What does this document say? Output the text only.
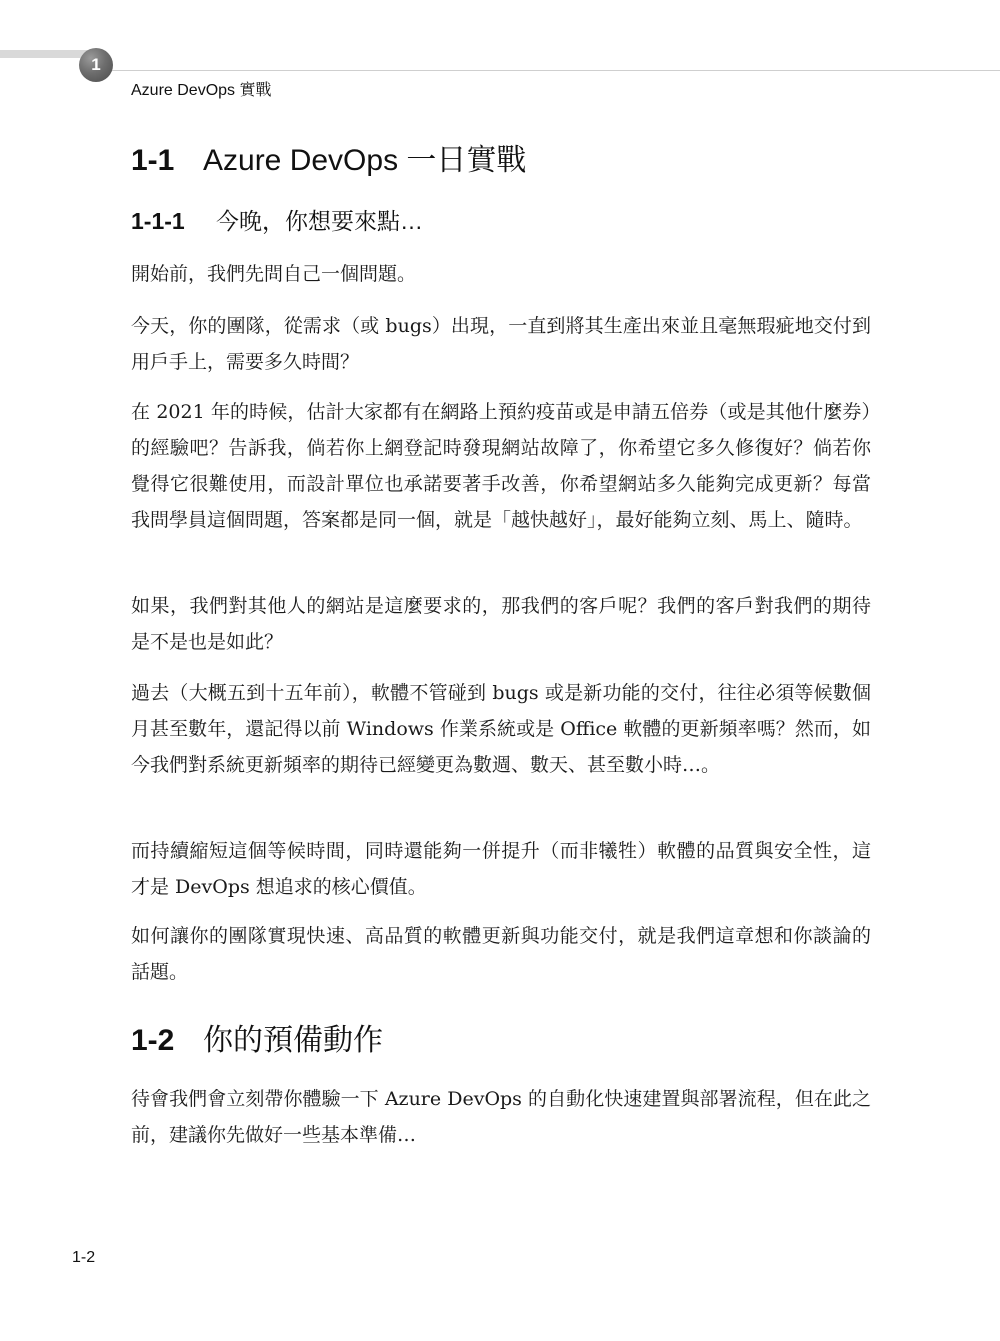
1

Azure DevOps 實戰

1-1 Azure DevOps 一日實戰
1-1-1 今晚，你想要來點…

開始前，我們先問自己一個問題。

今天，你的團隊，從需求（或 bugs）出現，一直到將其生產出來並且毫無瑕疵地交付到用戶手上，需要多久時間？

在 2021 年的時候，估計大家都有在網路上預約疫苗或是申請五倍券（或是其他什麼券）的經驗吧？告訴我，倘若你上網登記時發現網站故障了，你希望它多久修復好？倘若你覺得它很難使用，而設計單位也承諾要著手改善，你希望網站多久能夠完成更新？每當我問學員這個問題，答案都是同一個，就是「越快越好」，最好能夠立刻、馬上、隨時。

如果，我們對其他人的網站是這麼要求的，那我們的客戶呢？我們的客戶對我們的期待是不是也是如此？

過去（大概五到十五年前），軟體不管碰到 bugs 或是新功能的交付，往往必須等候數個月甚至數年，還記得以前 Windows 作業系統或是 Office 軟體的更新頻率嗎？然而，如今我們對系統更新頻率的期待已經變更為數週、數天、甚至數小時…。

而持續縮短這個等候時間，同時還能夠一併提升（而非犧牲）軟體的品質與安全性，這才是 DevOps 想追求的核心價值。

如何讓你的團隊實現快速、高品質的軟體更新與功能交付，就是我們這章想和你談論的話題。

1-2 你的預備動作

待會我們會立刻帶你體驗一下 Azure DevOps 的自動化快速建置與部署流程，但在此之前，建議你先做好一些基本準備…

1-2
